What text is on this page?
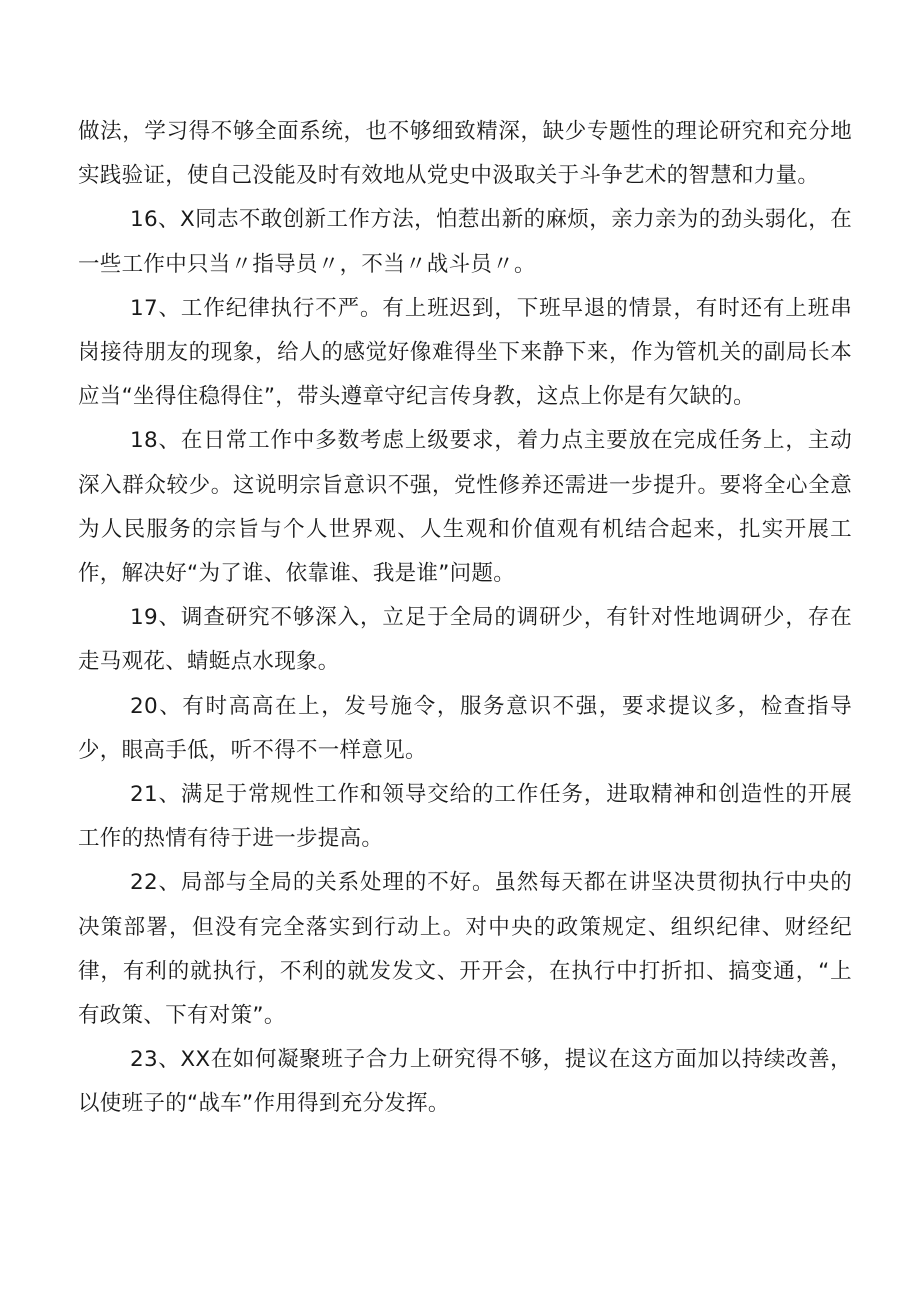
做法，学习得不够全面系统，也不够细致精深，缺少专题性的理论研究和充分地实践验证，使自己没能及时有效地从党史中汲取关于斗争艺术的智慧和力量。

16、X同志不敢创新工作方法，怕惹出新的麻烦，亲力亲为的劲头弱化，在一些工作中只当〃指导员〃，不当〃战斗员〃。

17、工作纪律执行不严。有上班迟到，下班早退的情景，有时还有上班串岗接待朋友的现象，给人的感觉好像难得坐下来静下来，作为管机关的副局长本应当“坐得住稳得住”，带头遵章守纪言传身教，这点上你是有欠缺的。

18、在日常工作中多数考虑上级要求，着力点主要放在完成任务上，主动深入群众较少。这说明宗旨意识不强，党性修养还需进一步提升。要将全心全意为人民服务的宗旨与个人世界观、人生观和价值观有机结合起来，扎实开展工作，解决好“为了谁、依靠谁、我是谁”问题。

19、调查研究不够深入，立足于全局的调研少，有针对性地调研少，存在走马观花、蜻蜓点水现象。

20、有时高高在上，发号施令，服务意识不强，要求提议多，检查指导少，眼高手低，听不得不一样意见。

21、满足于常规性工作和领导交给的工作任务，进取精神和创造性的开展工作的热情有待于进一步提高。

22、局部与全局的关系处理的不好。虽然每天都在讲坚决贯彻执行中央的决策部署，但没有完全落实到行动上。对中央的政策规定、组织纪律、财经纪律，有利的就执行，不利的就发发文、开开会，在执行中打折扣、搞变通，“上有政策、下有对策”。

23、XX在如何凝聚班子合力上研究得不够，提议在这方面加以持续改善，以使班子的“战车”作用得到充分发挥。
